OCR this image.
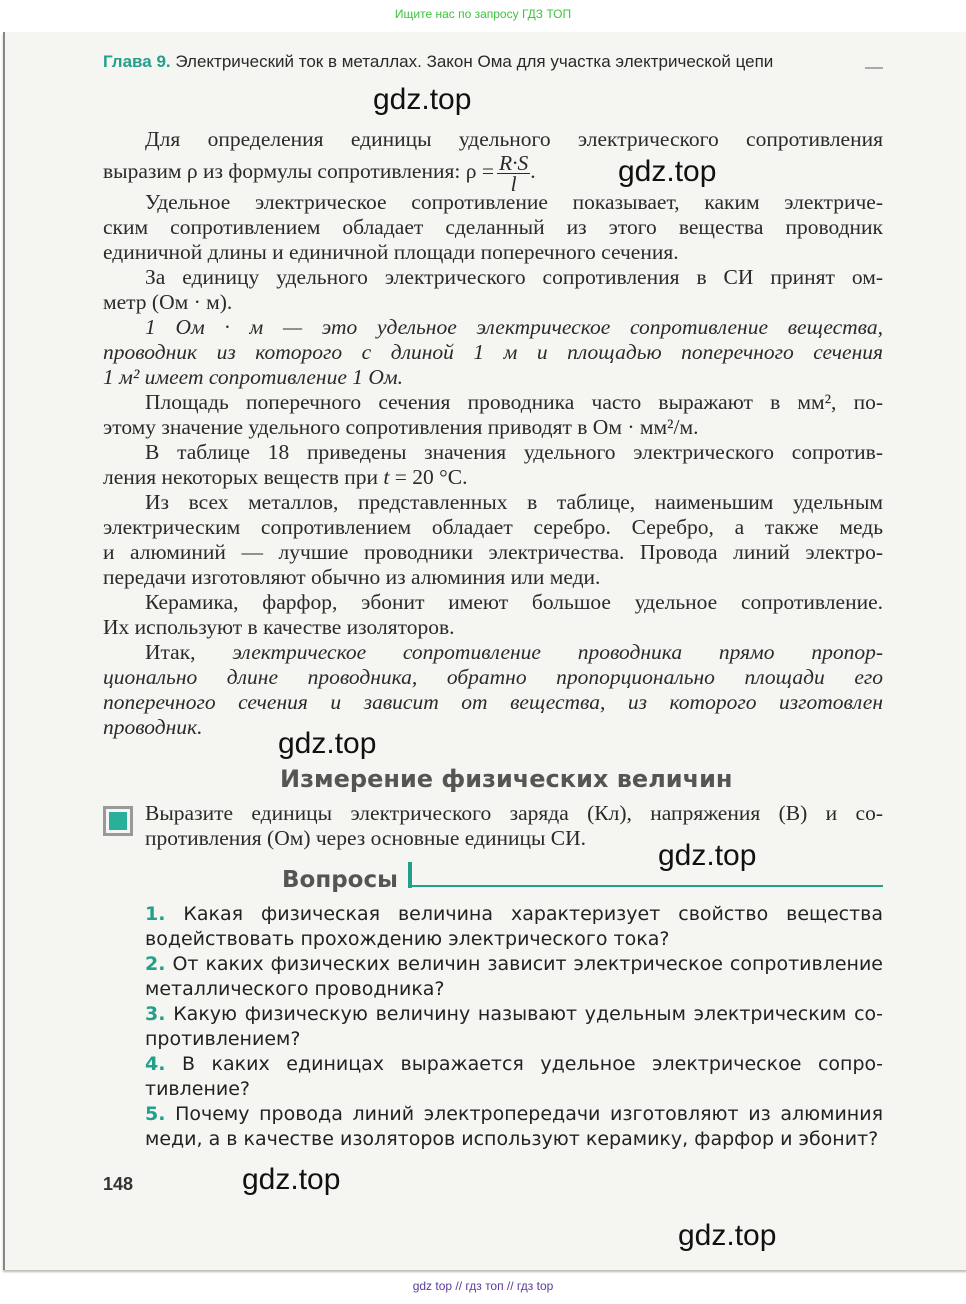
Ищите нас по запросу ГДЗ ТОП
Глава 9. Электрический ток в металлах. Закон Ома для участка электрической цепи
Для определения единицы удельного электрического сопротивления
выразим ρ из формулы сопротивления: $\rho = \frac{R\cdot S}{l}$ .
Удельное электрическое сопротивление показывает, каким электриче-
ским сопротивлением обладает сделанный из этого вещества проводник
единичной длины и единичной площади поперечного сечения.
За единицу удельного электрического сопротивления в СИ принят ом-
метр (Ом · м).
1 Ом · м — это удельное электрическое сопротивление вещества,
проводник из которого с длиной 1 м и площадью поперечного сечения
1 м² имеет сопротивление 1 Ом.
Площадь поперечного сечения проводника часто выражают в мм², по-
этому значение удельного сопротивления приводят в Ом · мм²/м.
В таблице 18 приведены значения удельного электрического сопротив-
ления некоторых веществ при t = 20 °С.
Из всех металлов, представленных в таблице, наименьшим удельным
электрическим сопротивлением обладает серебро. Серебро, а также медь
и алюминий — лучшие проводники электричества. Провода линий электро-
передачи изготовляют обычно из алюминия или меди.
Керамика, фарфор, эбонит имеют большое удельное сопротивление.
Их используют в качестве изоляторов.
Итак, электрическое сопротивление проводника прямо пропор-
ционально длине проводника, обратно пропорционально площади его
поперечного сечения и зависит от вещества, из которого изготовлен
проводник.
Измерение физических величин
Выразите единицы электрического заряда (Кл), напряжения (В) и со-
противления (Ом) через основные единицы СИ.
Вопросы
1. Какая физическая величина характеризует свойство вещества
водействовать прохождению электрического тока?
2. От каких физических величин зависит электрическое сопротивление
металлического проводника?
3. Какую физическую величину называют удельным электрическим со-
противлением?
4. В каких единицах выражается удельное электрическое сопро-
тивление?
5. Почему провода линий электропередачи изготовляют из алюминия
меди, а в качестве изоляторов используют керамику, фарфор и эбонит?
148
gdz.top
gdz.top
gdz.top
gdz.top
gdz.top
gdz.top
gdz top // гдз топ // гдз top
